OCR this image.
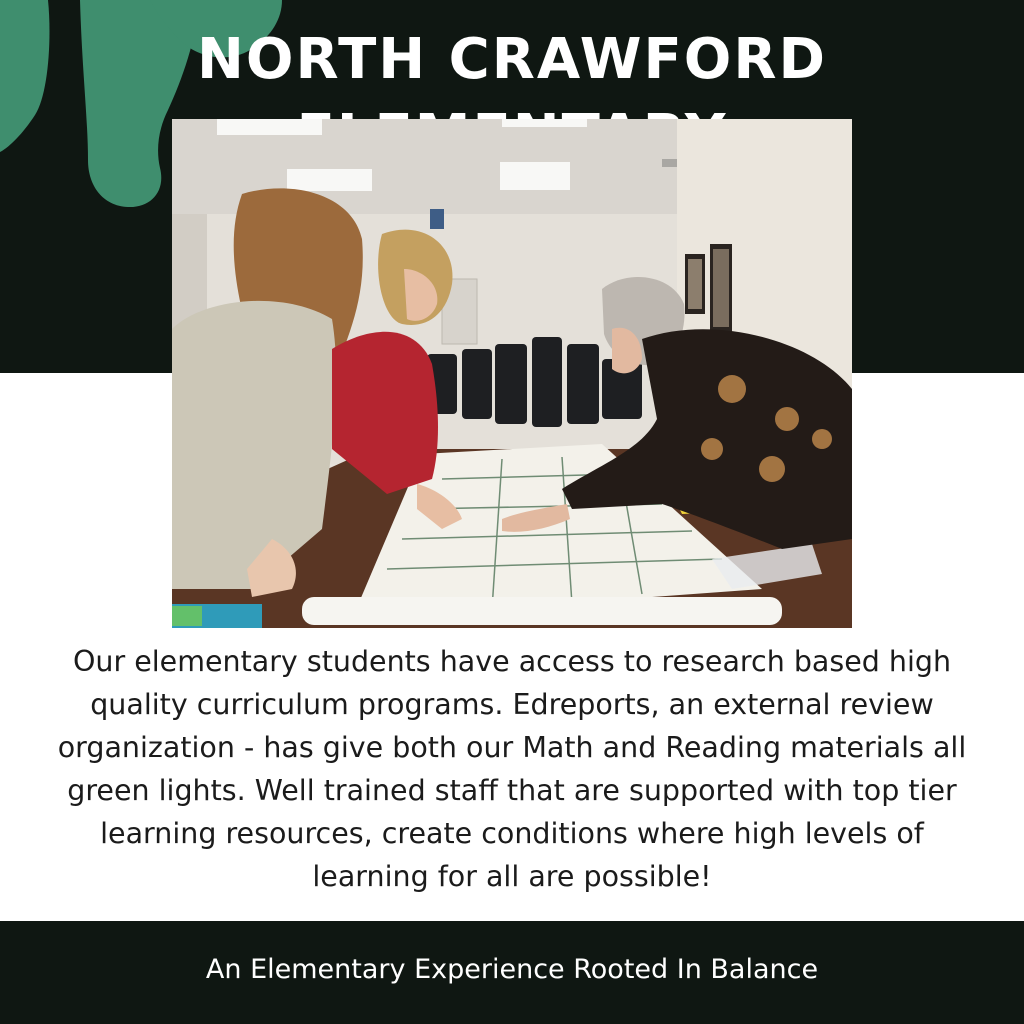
NORTH CRAWFORD
Our elementary students have access to research based high quality curriculum programs. Edreports, an external review organization - has give both our Math and Reading materials all green lights. Well trained staff that are supported with top tier learning resources, create conditions where high levels of learning for all are possible!
An Elementary Experience Rooted In Balance
